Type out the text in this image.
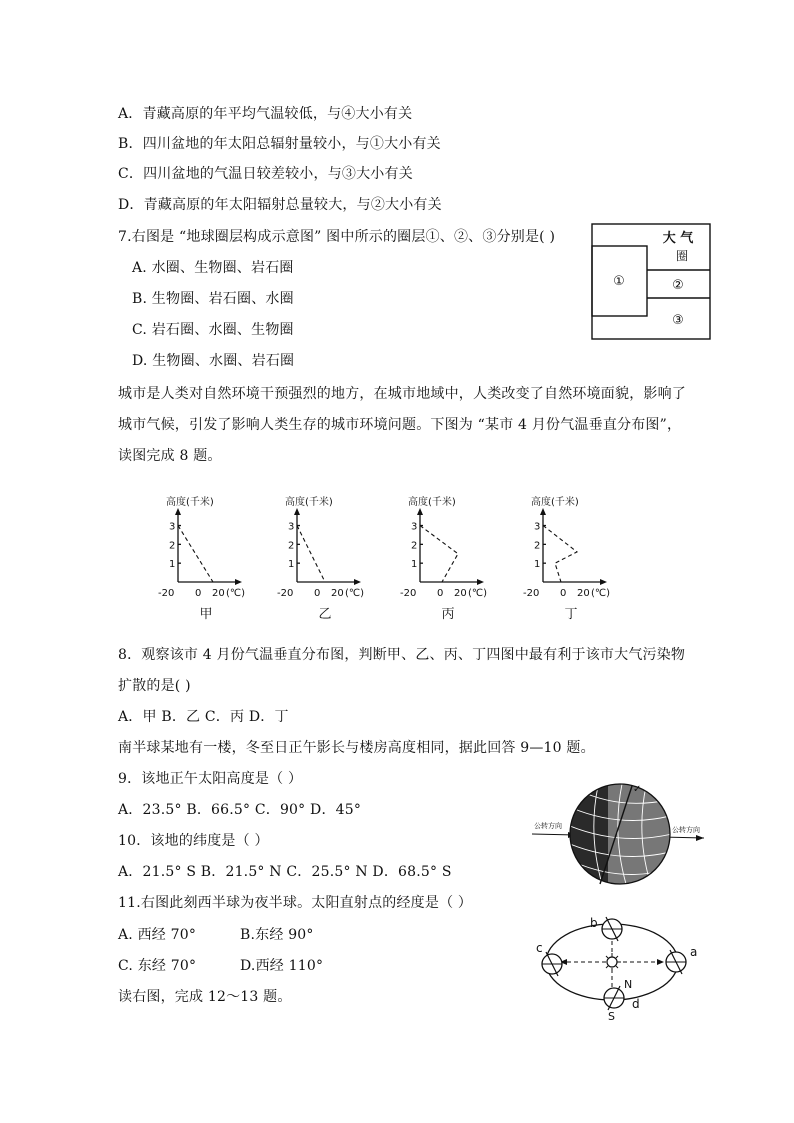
A．青藏高原的年平均气温较低，与④大小有关
B．四川盆地的年太阳总辐射量较小，与①大小有关
C．四川盆地的气温日较差较小，与③大小有关
D．青藏高原的年太阳辐射总量较大，与②大小有关
7.右图是 “地球圈层构成示意图” 图中所示的圈层①、②、③分别是( )
A. 水圈、生物圈、岩石圈
B. 生物圈、岩石圈、水圈
C. 岩石圈、水圈、生物圈
D. 生物圈、水圈、岩石圈
大 气
圈
①	②
③
城市是人类对自然环境干预强烈的地方，在城市地域中，人类改变了自然环境面貌，影响了
城市气候，引发了影响人类生存的城市环境问题。下图为 “某市 4 月份气温垂直分布图”，
读图完成 8 题。
高度(千米)
1
2
3
-20 0 20 (℃)
甲
高度(千米)
1
2
3
-20 0 20 (℃)
乙
高度(千米)
1
2
3
-20 0 20 (℃)
丙
高度(千米)
1
2
3
-20 0 20 (℃)
丁
8．观察该市 4 月份气温垂直分布图，判断甲、乙、丙、丁四图中最有利于该市大气污染物
扩散的是( )
A．甲 B．乙 C．丙 D．丁
南半球某地有一楼，冬至日正午影长与楼房高度相同，据此回答 9—10 题。
9．该地正午太阳高度是（ ）
A．23.5° B．66.5° C．90° D．45°
10．该地的纬度是（ ）
A．21.5° S B．21.5° N C．25.5° N D．68.5° S
✓
公转方向	公转方向
11.右图此刻西半球为夜半球。太阳直射点的经度是（ ）
A. 西经 70°	B.东经 90°
C. 东经 70°	D.西经 110°
b
c	a
d
N
S
读右图，完成 12～13 题。
